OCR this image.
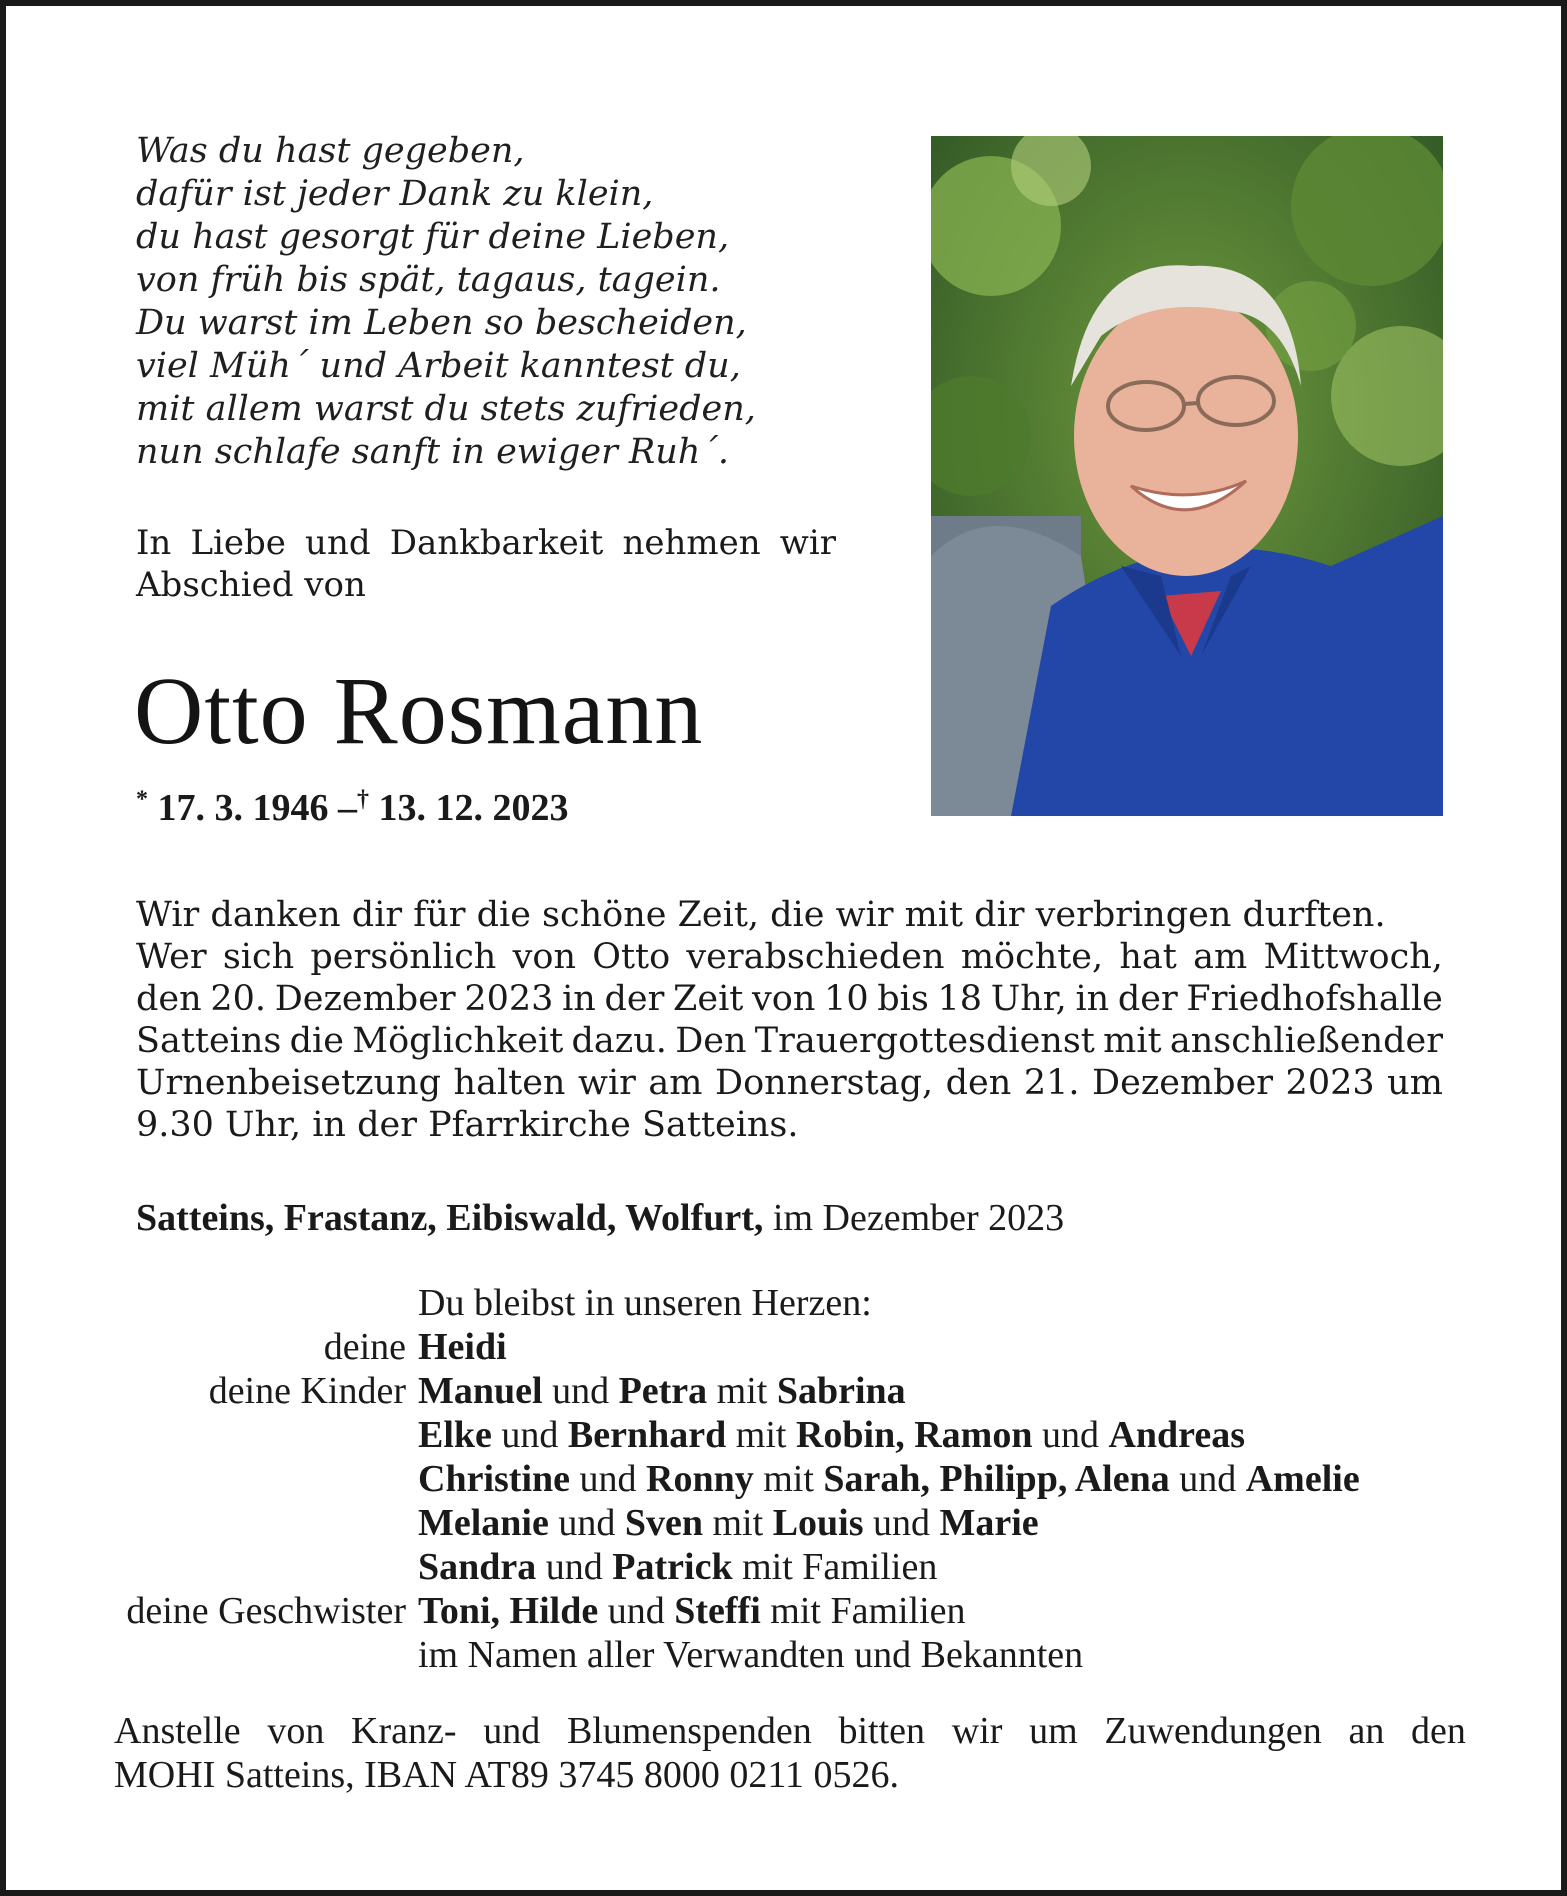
Was du hast gegeben,
dafür ist jeder Dank zu klein,
du hast gesorgt für deine Lieben,
von früh bis spät, tagaus, tagein.
Du warst im Leben so bescheiden,
viel Müh´ und Arbeit kanntest du,
mit allem warst du stets zufrieden,
nun schlafe sanft in ewiger Ruh´.
In Liebe und Dankbarkeit nehmen wir
Abschied von
Otto Rosmann
* 17. 3. 1946 –† 13. 12. 2023
Wir danken dir für die schöne Zeit, die wir mit dir verbringen durften.
Wer sich persönlich von Otto verabschieden möchte, hat am Mittwoch,
den 20. Dezember 2023 in der Zeit von 10 bis 18 Uhr, in der Friedhofshalle
Satteins die Möglichkeit dazu. Den Trauergottesdienst mit anschließender
Urnenbeisetzung halten wir am Donnerstag, den 21. Dezember 2023 um
9.30 Uhr, in der Pfarrkirche Satteins.
Satteins, Frastanz, Eibiswald, Wolfurt, im Dezember 2023
Du bleibst in unseren Herzen:
deine Heidi
deine Kinder Manuel und Petra mit Sabrina
Elke und Bernhard mit Robin, Ramon und Andreas
Christine und Ronny mit Sarah, Philipp, Alena und Amelie
Melanie und Sven mit Louis und Marie
Sandra und Patrick mit Familien
deine Geschwister Toni, Hilde und Steffi mit Familien
im Namen aller Verwandten und Bekannten
Anstelle von Kranz- und Blumenspenden bitten wir um Zuwendungen an den
MOHI Satteins, IBAN AT89 3745 8000 0211 0526.
